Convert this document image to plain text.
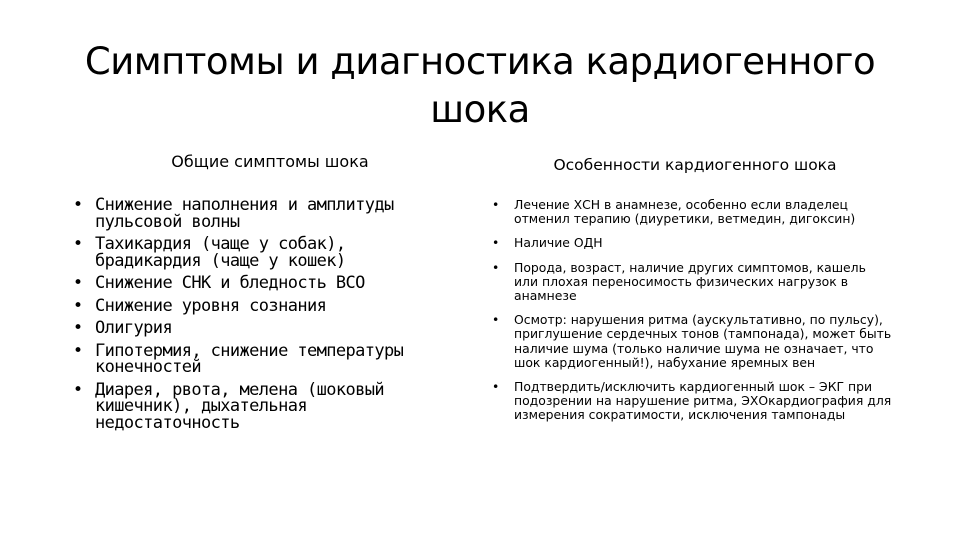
Симптомы и диагностика кардиогенного шока
Общие симптомы шока	Особенности кардиогенного шока
• Снижение наполнения и амплитуды пульсовой волны
• Тахикардия (чаще у собак), брадикардия (чаще у кошек)
• Снижение СНК и бледность ВСО
• Снижение уровня сознания
• Олигурия
• Гипотермия, снижение температуры конечностей
• Диарея, рвота, мелена (шоковый кишечник), дыхательная недостаточность
• Лечение ХСН в анамнезе, особенно если владелец отменил терапию (диуретики, ветмедин, дигоксин)
• Наличие ОДН
• Порода, возраст, наличие других симптомов, кашель или плохая переносимость физических нагрузок в анамнезе
• Осмотр: нарушения ритма (аускультативно, по пульсу), приглушение сердечных тонов (тампонада), может быть наличие шума (только наличие шума не означает, что шок кардиогенный!), набухание яремных вен
• Подтвердить/исключить кардиогенный шок – ЭКГ при подозрении на нарушение ритма, ЭХОкардиография для измерения сократимости, исключения тампонады
